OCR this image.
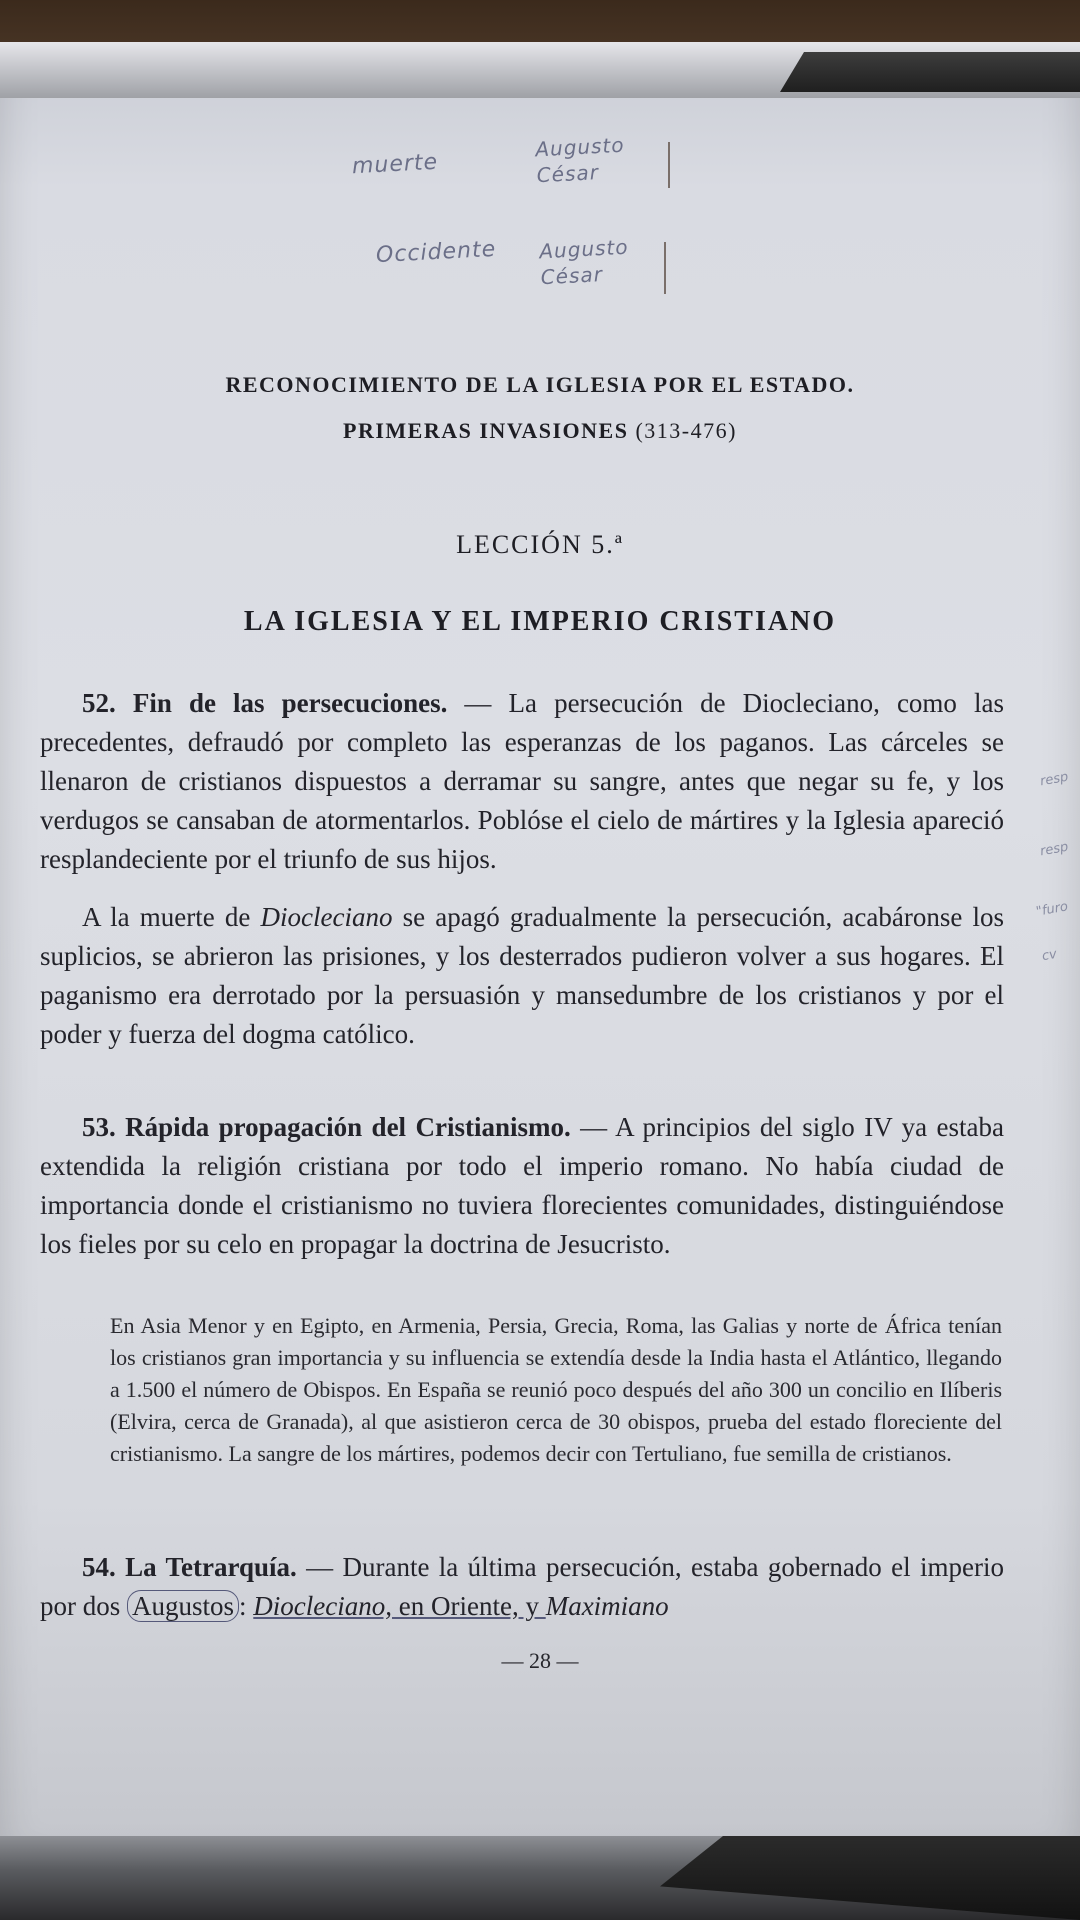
muerte
Augusto
César
Occidente Augusto
César
RECONOCIMIENTO DE LA IGLESIA POR EL ESTADO.
PRIMERAS INVASIONES (313-476)
LECCIÓN 5.ª
LA IGLESIA Y EL IMPERIO CRISTIANO

52. Fin de las persecuciones. — La persecución de Diocleciano, como las precedentes, defraudó por completo las esperanzas de los paganos. Las cárceles se llenaron de cristianos dispuestos a derramar su sangre, antes que negar su fe, y los verdugos se cansaban de atormentarlos. Poblóse el cielo de mártires y la Iglesia apareció resplandeciente por el triunfo de sus hijos.

A la muerte de Diocleciano se apagó gradualmente la persecución, acabáronse los suplicios, se abrieron las prisiones, y los desterrados pudieron volver a sus hogares. El paganismo era derrotado por la persuasión y mansedumbre de los cristianos y por el poder y fuerza del dogma católico.

53. Rápida propagación del Cristianismo. — A principios del siglo IV ya estaba extendida la religión cristiana por todo el imperio romano. No había ciudad de importancia donde el cristianismo no tuviera florecientes comunidades, distinguiéndose los fieles por su celo en propagar la doctrina de Jesucristo.

En Asia Menor y en Egipto, en Armenia, Persia, Grecia, Roma, las Galias y norte de África tenían los cristianos gran importancia y su influencia se extendía desde la India hasta el Atlántico, llegando a 1.500 el número de Obispos. En España se reunió poco después del año 300 un concilio en Ilíberis (Elvira, cerca de Granada), al que asistieron cerca de 30 obispos, prueba del estado floreciente del cristianismo. La sangre de los mártires, podemos decir con Tertuliano, fue semilla de cristianos.

54. La Tetrarquía. — Durante la última persecución, estaba gobernado el imperio por dos Augustos : Diocleciano, en Oriente, y Maximiano

— 28 —
resp
resp
"furo
cv
